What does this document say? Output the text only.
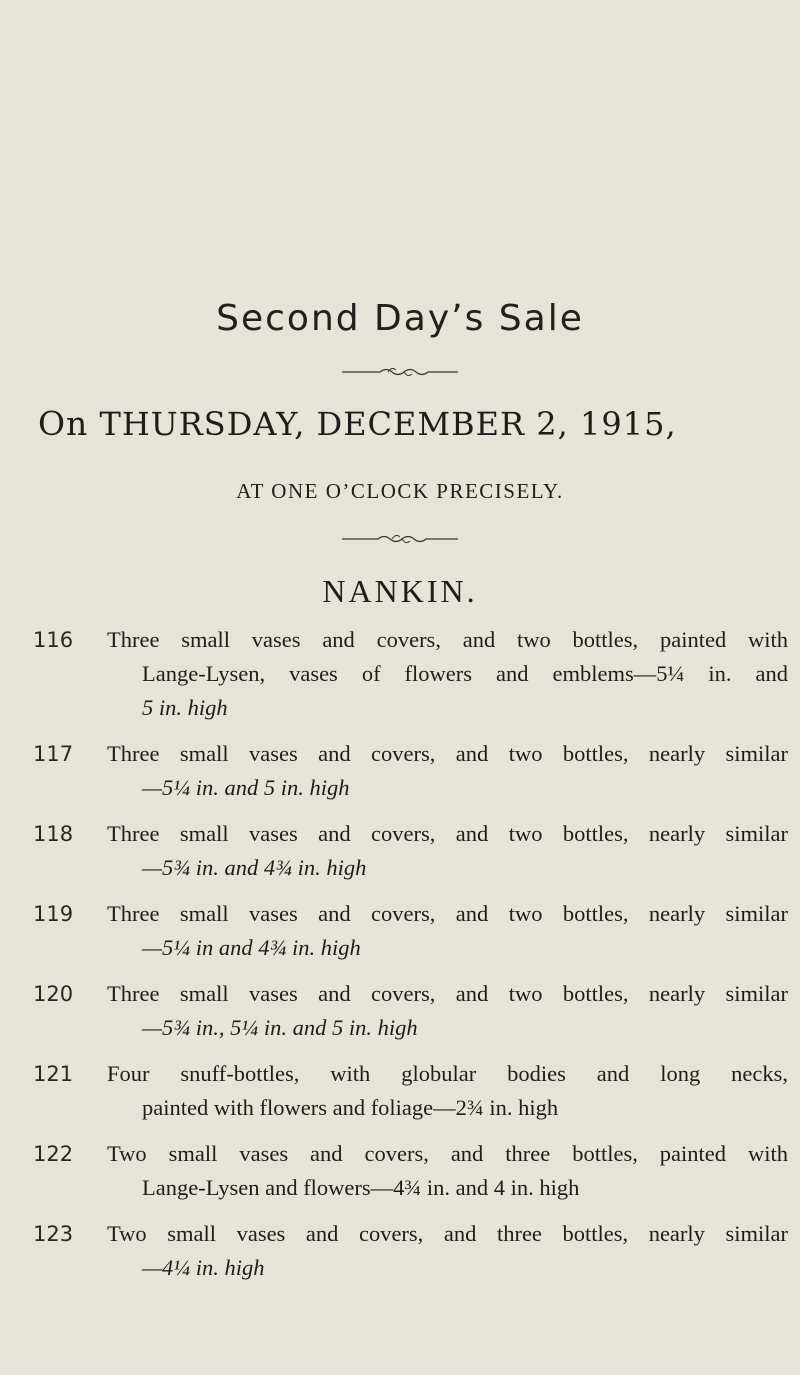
Second Day’s Sale
On THURSDAY, DECEMBER 2, 1915,
AT ONE O’CLOCK PRECISELY.
NANKIN.
116	Three small vases and covers, and two bottles, painted with
Lange-Lysen, vases of flowers and emblems—5¼ in. and
5 in. high
117	Three small vases and covers, and two bottles, nearly similar
—5¼ in. and 5 in. high
118	Three small vases and covers, and two bottles, nearly similar
—5¾ in. and 4¾ in. high
119	Three small vases and covers, and two bottles, nearly similar
—5¼ in and 4¾ in. high
120	Three small vases and covers, and two bottles, nearly similar
—5¾ in., 5¼ in. and 5 in. high
121	Four snuff-bottles, with globular bodies and long necks,
painted with flowers and foliage—2¾ in. high
122	Two small vases and covers, and three bottles, painted with
Lange-Lysen and flowers—4¾ in. and 4 in. high
123	Two small vases and covers, and three bottles, nearly similar
—4¼ in. high
